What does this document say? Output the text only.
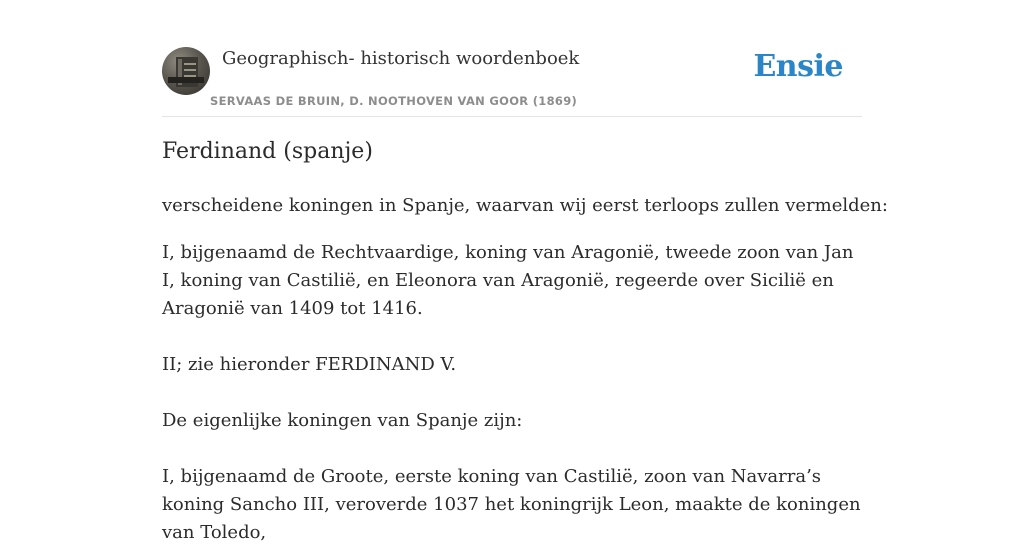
Geographisch- historisch woordenboek
SERVAAS DE BRUIN, D. NOOTHOVEN VAN GOOR (1869)
Ensie
Ferdinand (spanje)

verscheidene koningen in Spanje, waarvan wij eerst terloops zullen vermelden:

I, bijgenaamd de Rechtvaardige, koning van Aragonië, tweede zoon van Jan I, koning van Castilië, en Eleonora van Aragonië, regeerde over Sicilië en Aragonië van 1409 tot 1416.

II; zie hieronder FERDINAND V.

De eigenlijke koningen van Spanje zijn:

I, bijgenaamd de Groote, eerste koning van Castilië, zoon van Navarra’s koning Sancho III, veroverde 1037 het koningrijk Leon, maakte de koningen van Toledo,
